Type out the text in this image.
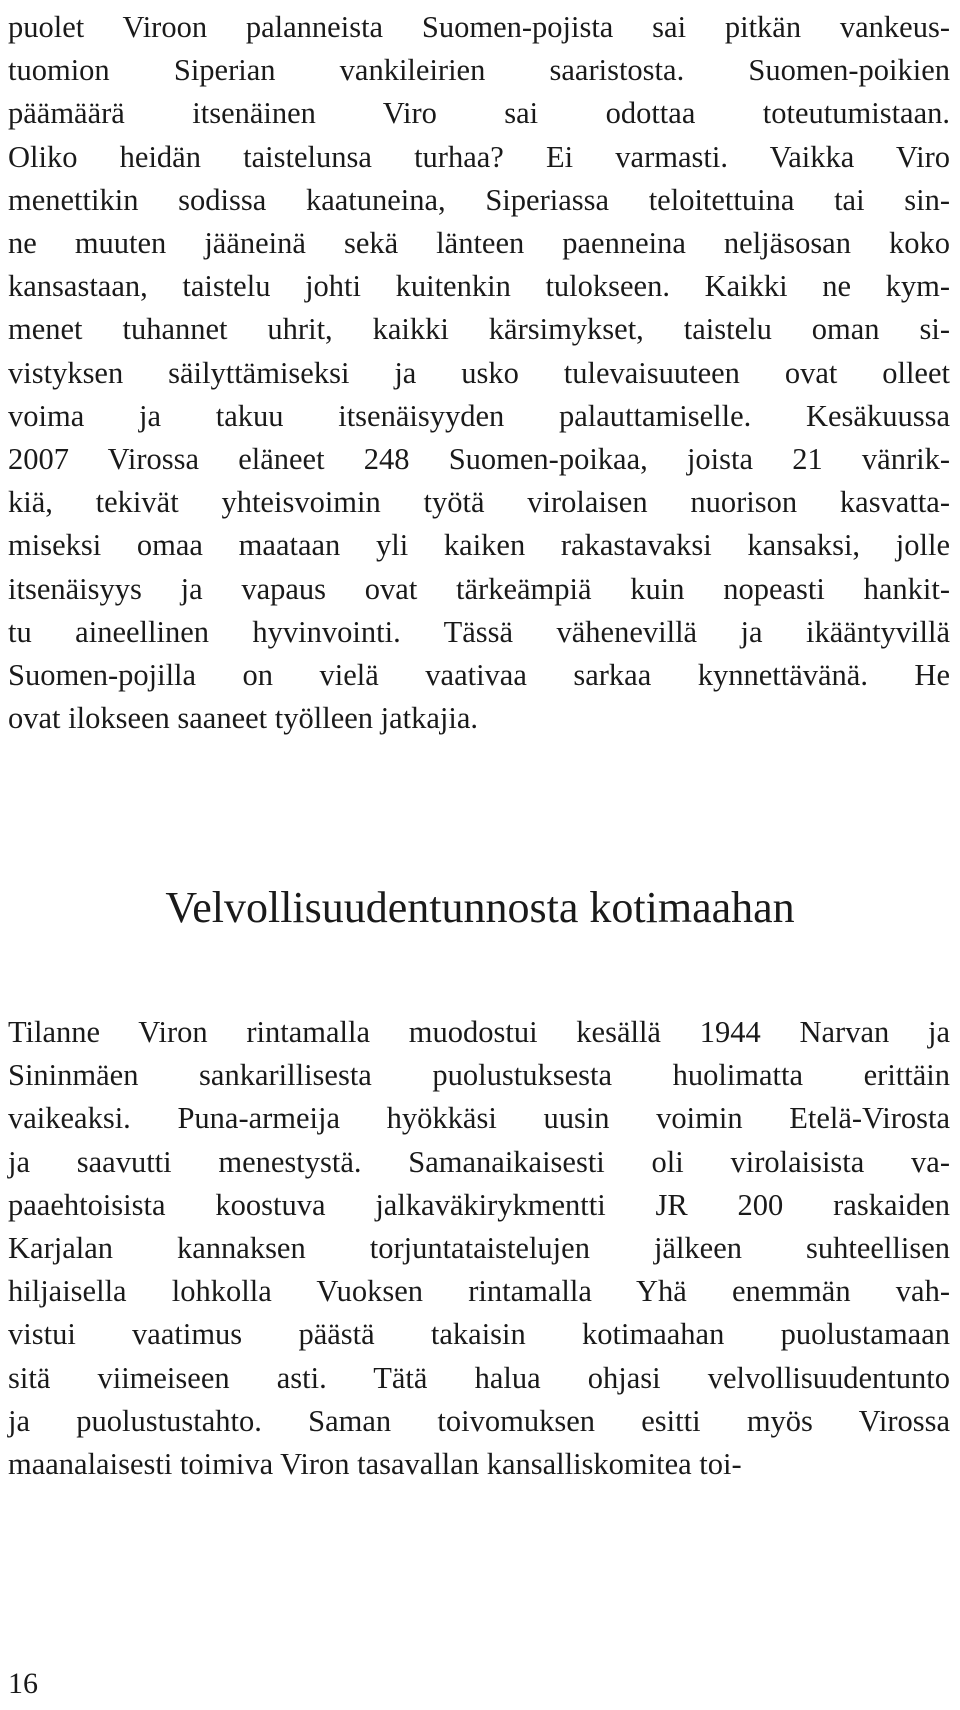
puolet Viroon palanneista Suomen-pojista sai pitkän vankeus-
tuomion Siperian vankileirien saaristosta. Suomen-poikien
päämäärä itsenäinen Viro sai odottaa toteutumistaan.
Oliko heidän taistelunsa turhaa? Ei varmasti. Vaikka Viro
menettikin sodissa kaatuneina, Siperiassa teloitettuina tai sin-
ne muuten jääneinä sekä länteen paenneina neljäsosan koko
kansastaan, taistelu johti kuitenkin tulokseen. Kaikki ne kym-
menet tuhannet uhrit, kaikki kärsimykset, taistelu oman si-
vistyksen säilyttämiseksi ja usko tulevaisuuteen ovat olleet
voima ja takuu itsenäisyyden palauttamiselle. Kesäkuussa
2007 Virossa eläneet 248 Suomen-poikaa, joista 21 vänrik-
kiä, tekivät yhteisvoimin työtä virolaisen nuorison kasvatta-
miseksi omaa maataan yli kaiken rakastavaksi kansaksi, jolle
itsenäisyys ja vapaus ovat tärkeämpiä kuin nopeasti hankit-
tu aineellinen hyvinvointi. Tässä vähenevillä ja ikääntyvillä
Suomen-pojilla on vielä vaativaa sarkaa kynnettävänä. He
ovat ilokseen saaneet työlleen jatkajia.
Velvollisuudentunnosta kotimaahan
Tilanne Viron rintamalla muodostui kesällä 1944 Narvan ja
Sininmäen sankarillisesta puolustuksesta huolimatta erittäin
vaikeaksi. Puna-armeija hyökkäsi uusin voimin Etelä-Virosta
ja saavutti menestystä. Samanaikaisesti oli virolaisista va-
paaehtoisista koostuva jalkaväkirykmentti JR 200 raskaiden
Karjalan kannaksen torjuntataistelujen jälkeen suhteellisen
hiljaisella lohkolla Vuoksen rintamalla Yhä enemmän vah-
vistui vaatimus päästä takaisin kotimaahan puolustamaan
sitä viimeiseen asti. Tätä halua ohjasi velvollisuudentunto
ja puolustustahto. Saman toivomuksen esitti myös Virossa
maanalaisesti toimiva Viron tasavallan kansalliskomitea toi-
16
